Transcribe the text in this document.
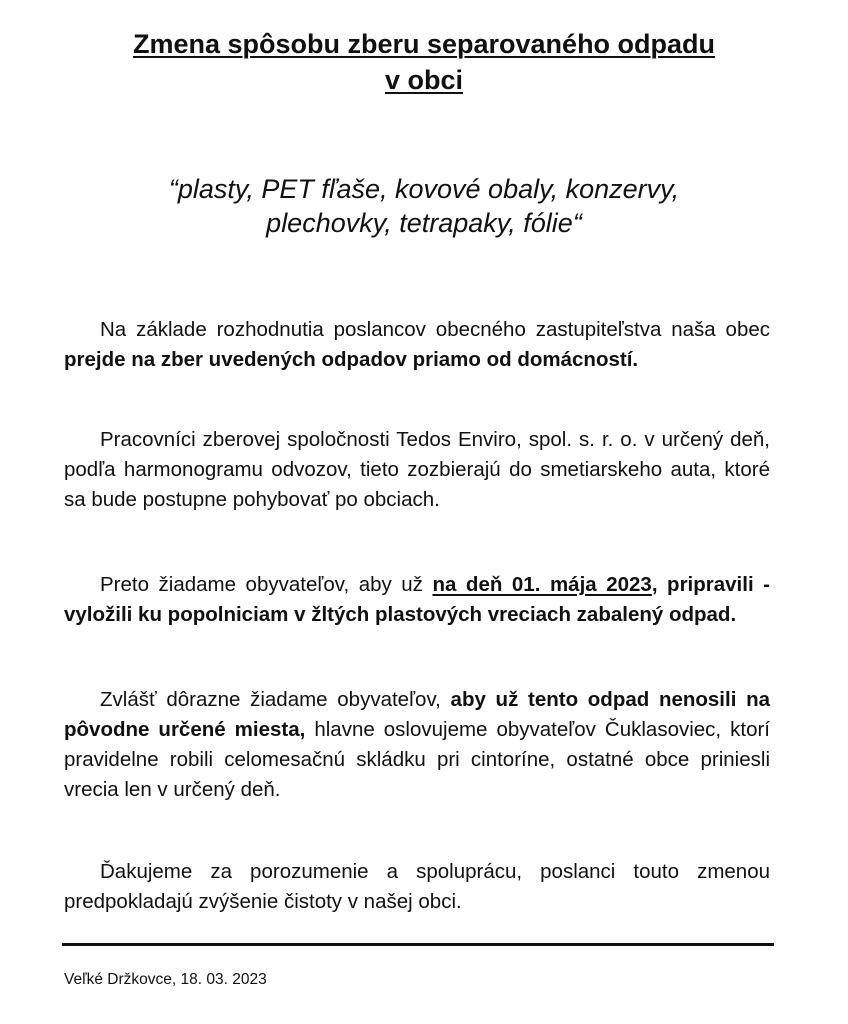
Zmena spôsobu zberu separovaného odpadu
v obci
“plasty, PET fľaše, kovové obaly, konzervy,
plechovky, tetrapaky, fólie“

Na základe rozhodnutia poslancov obecného zastupiteľstva naša obec prejde na zber uvedených odpadov priamo od domácností.

Pracovníci zberovej spoločnosti Tedos Enviro, spol. s. r. o. v určený deň, podľa harmonogramu odvozov, tieto zozbierajú do smetiarskeho auta, ktoré sa bude postupne pohybovať po obciach.

Preto žiadame obyvateľov, aby už na deň 01. mája 2023, pripravili - vyložili ku popolniciam v žltých plastových vreciach zabalený odpad.

Zvlášť dôrazne žiadame obyvateľov, aby už tento odpad nenosili na pôvodne určené miesta, hlavne oslovujeme obyvateľov Čuklasoviec, ktorí pravidelne robili celomesačnú skládku pri cintoríne, ostatné obce priniesli vrecia len v určený deň.

Ďakujeme za porozumenie a spoluprácu, poslanci touto zmenou predpokladajú zvýšenie čistoty v našej obci.

Veľké Držkovce, 18. 03. 2023
